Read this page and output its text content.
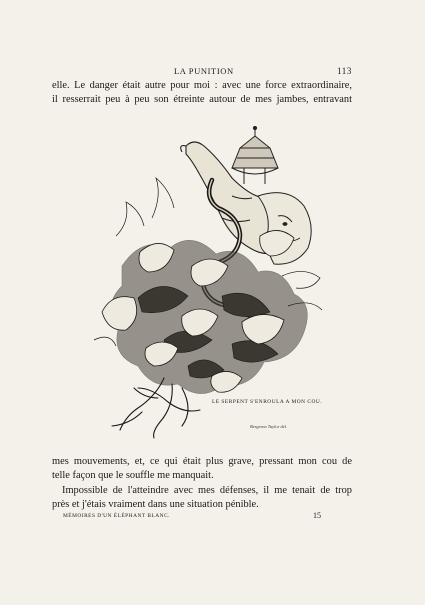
LA PUNITION	113
elle. Le danger était autre pour moi : avec une force extraordinaire,
il resserrait peu à peu son étreinte autour de mes jambes, entravant
LE SERPENT S'ENROULA A MON COU.
Bergeron Taylor del.
mes mouvements, et, ce qui était plus grave, pressant mon cou de
telle façon que le souffle me manquait.
Impossible de l'atteindre avec mes défenses, il me tenait de trop
près et j'étais vraiment dans une situation pénible.
MÉMOIRES D'UN ÉLÉPHANT BLANC.	15
